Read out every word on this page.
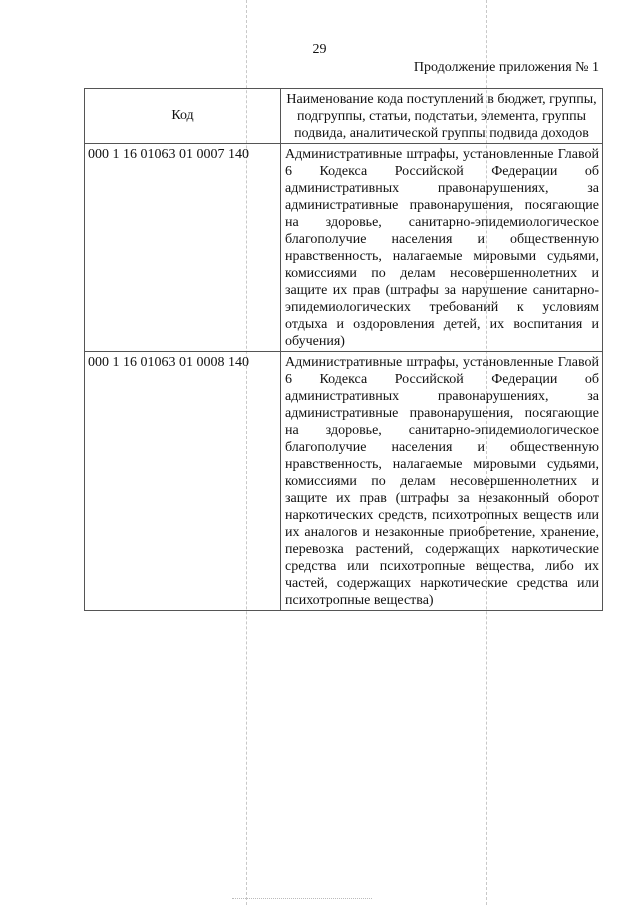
29
Продолжение приложения № 1
Код	Наименование кода поступлений в бюджет, группы, подгруппы, статьи, подстатьи, элемента, группы подвида, аналитической группы подвида доходов
000 1 16 01063 01 0007 140	Административные штрафы, установленные Главой 6 Кодекса Российской Федерации об административных правонарушениях, за административные правонарушения, посягающие на здоровье, санитарно-эпидемиологическое благополучие населения и общественную нравственность, налагаемые мировыми судьями, комиссиями по делам несовершеннолетних и защите их прав (штрафы за нарушение санитарно-эпидемиологических требований к условиям отдыха и оздоровления детей, их воспитания и обучения)
000 1 16 01063 01 0008 140	Административные штрафы, установленные Главой 6 Кодекса Российской Федерации об административных правонарушениях, за административные правонарушения, посягающие на здоровье, санитарно-эпидемиологическое благополучие населения и общественную нравственность, налагаемые мировыми судьями, комиссиями по делам несовершеннолетних и защите их прав (штрафы за незаконный оборот наркотических средств, психотропных веществ или их аналогов и незаконные приобретение, хранение, перевозка растений, содержащих наркотические средства или психотропные вещества, либо их частей, содержащих наркотические средства или психотропные вещества)
